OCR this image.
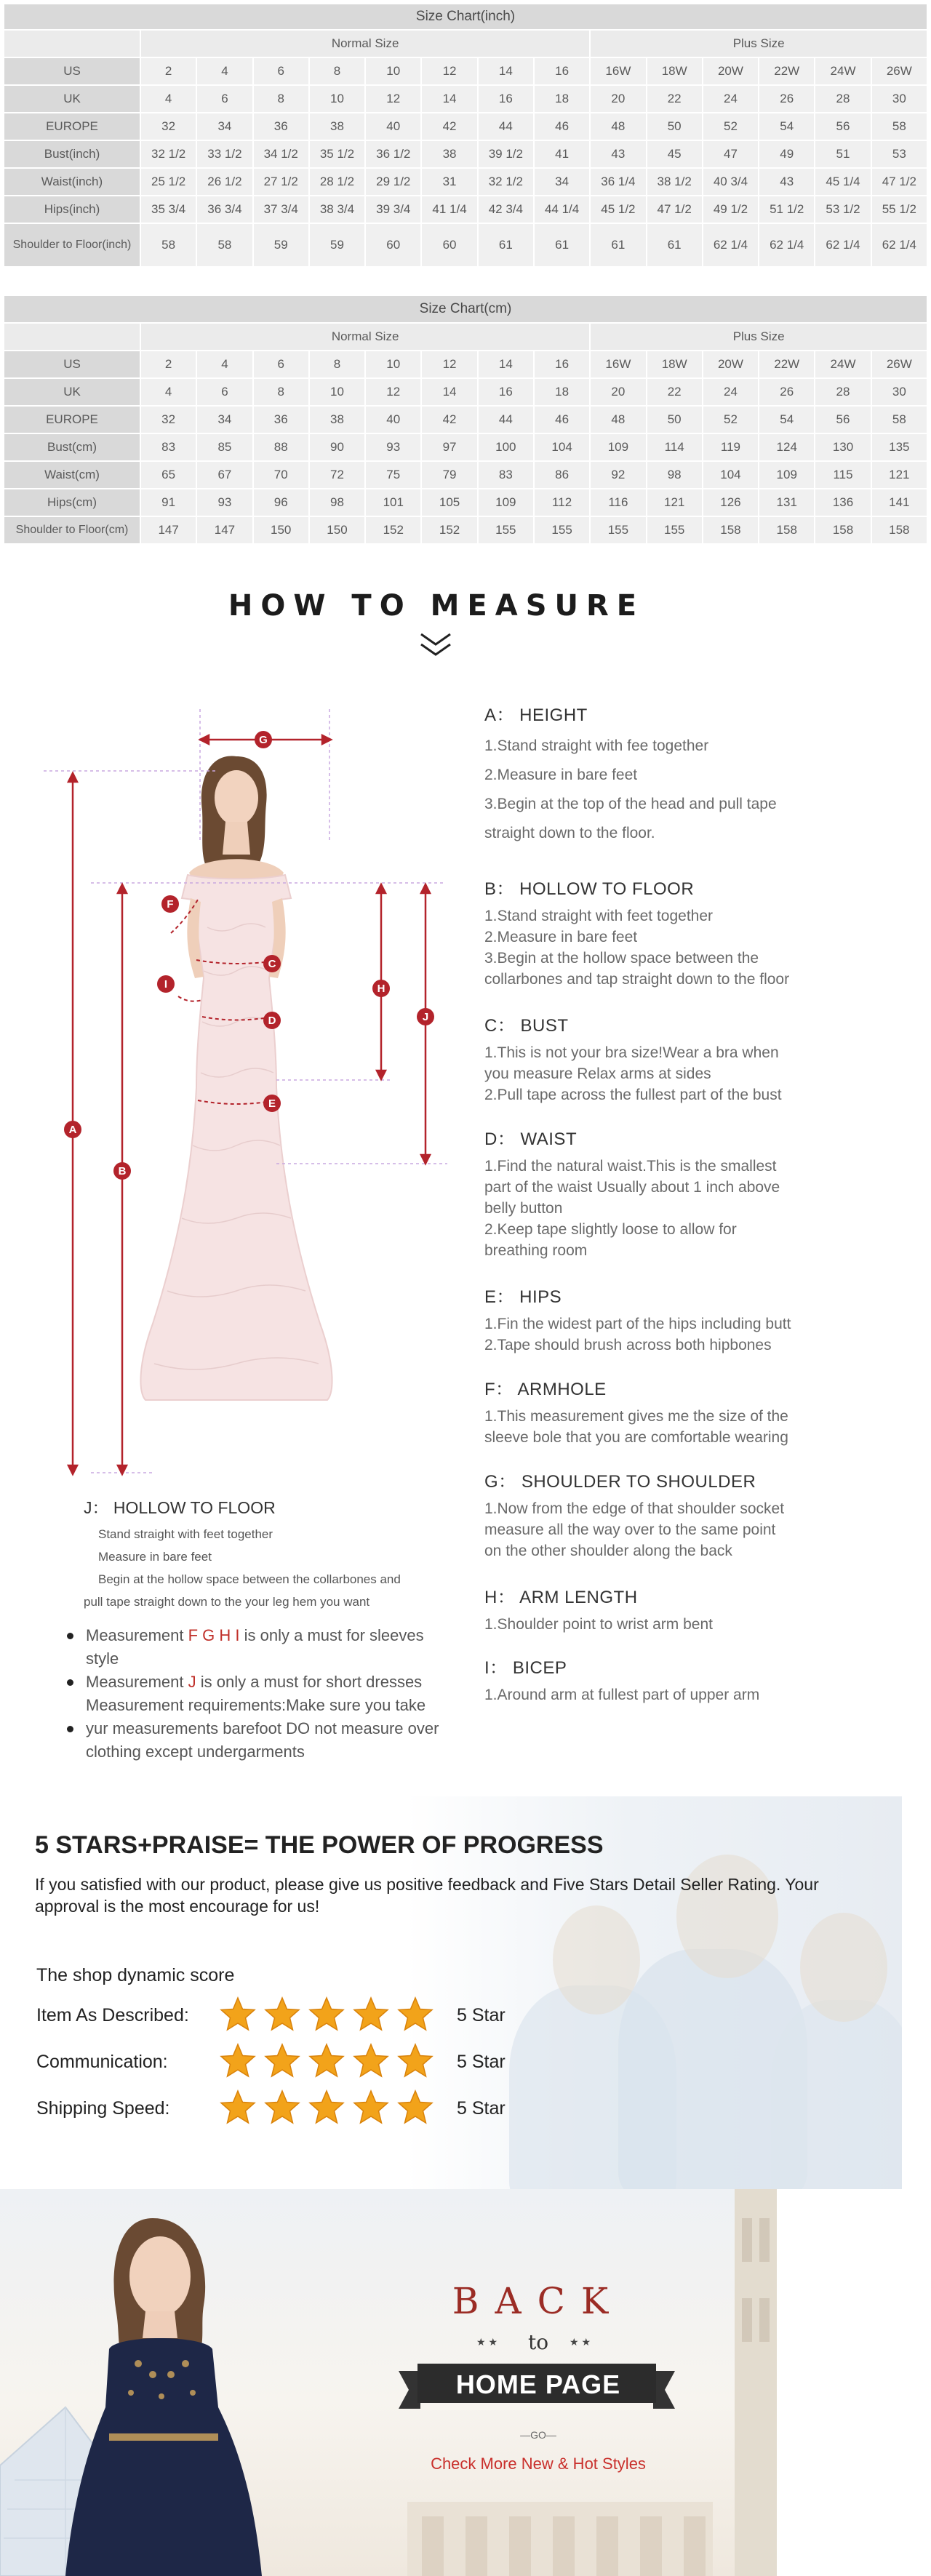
Size Chart(inch)														
	Normal Size								Plus Size					
US	2	4	6	8	10	12	14	16	16W	18W	20W	22W	24W	26W
UK	4	6	8	10	12	14	16	18	20	22	24	26	28	30
EUROPE	32	34	36	38	40	42	44	46	48	50	52	54	56	58
Bust(inch)	32 1/2	33 1/2	34 1/2	35 1/2	36 1/2	38	39 1/2	41	43	45	47	49	51	53
Waist(inch)	25 1/2	26 1/2	27 1/2	28 1/2	29 1/2	31	32 1/2	34	36 1/4	38 1/2	40 3/4	43	45 1/4	47 1/2
Hips(inch)	35 3/4	36 3/4	37 3/4	38 3/4	39 3/4	41 1/4	42 3/4	44 1/4	45 1/2	47 1/2	49 1/2	51 1/2	53 1/2	55 1/2
Shoulder to Floor(inch)	58	58	59	59	60	60	61	61	61	61	62 1/4	62 1/4	62 1/4	62 1/4
Size Chart(cm)														
	Normal Size								Plus Size					
US	2	4	6	8	10	12	14	16	16W	18W	20W	22W	24W	26W
UK	4	6	8	10	12	14	16	18	20	22	24	26	28	30
EUROPE	32	34	36	38	40	42	44	46	48	50	52	54	56	58
Bust(cm)	83	85	88	90	93	97	100	104	109	114	119	124	130	135
Waist(cm)	65	67	70	72	75	79	83	86	92	98	104	109	115	121
Hips(cm)	91	93	96	98	101	105	109	112	116	121	126	131	136	141
Shoulder to Floor(cm)	147	147	150	150	152	152	155	155	155	155	158	158	158	158
HOW TO MEASURE
A
B
C
D
E
F
G
H
I
J
A： HEIGHT
1.Stand straight with fee together
2.Measure in bare feet
3.Begin at the top of the head and pull tape
straight down to the floor.
B： HOLLOW TO FLOOR
1.Stand straight with feet together
2.Measure in bare feet
3.Begin at the hollow space between the
collarbones and tap straight down to the floor
C： BUST
1.This is not your bra size!Wear a bra when
you measure Relax arms at sides
2.Pull tape across the fullest part of the bust
D： WAIST
1.Find the natural waist.This is the smallest
part of the waist Usually about 1 inch above
belly button
2.Keep tape slightly loose to allow for
breathing room
E： HIPS
1.Fin the widest part of the hips including butt
2.Tape should brush across both hipbones
F： ARMHOLE
1.This measurement gives me the size of the
sleeve bole that you are comfortable wearing
G： SHOULDER TO SHOULDER
1.Now from the edge of that shoulder socket
measure all the way over to the same point
on the other shoulder along the back
H： ARM LENGTH
1.Shoulder point to wrist arm bent
I： BICEP
1.Around arm at fullest part of upper arm
J： HOLLOW TO FLOOR
Stand straight with feet together
Measure in bare feet
Begin at the hollow space between the collarbones and
pull tape straight down to the your leg hem you want
Measurement F G H I is only a must for sleeves style
Measurement J is only a must for short dresses Measurement requirements:Make sure you take
yur measurements barefoot DO not measure over clothing except undergarments
5 STARS+PRAISE= THE POWER OF PROGRESS
If you satisfied with our product, please give us positive feedback and Five Stars Detail Seller Rating. Your approval is the most encourage for us!
The shop dynamic score
Item As Described:	5 Star
Communication:	5 Star
Shipping Speed:	5 Star
BACK
★★	to	★★
HOME PAGE
—GO—
Check More New & Hot Styles
